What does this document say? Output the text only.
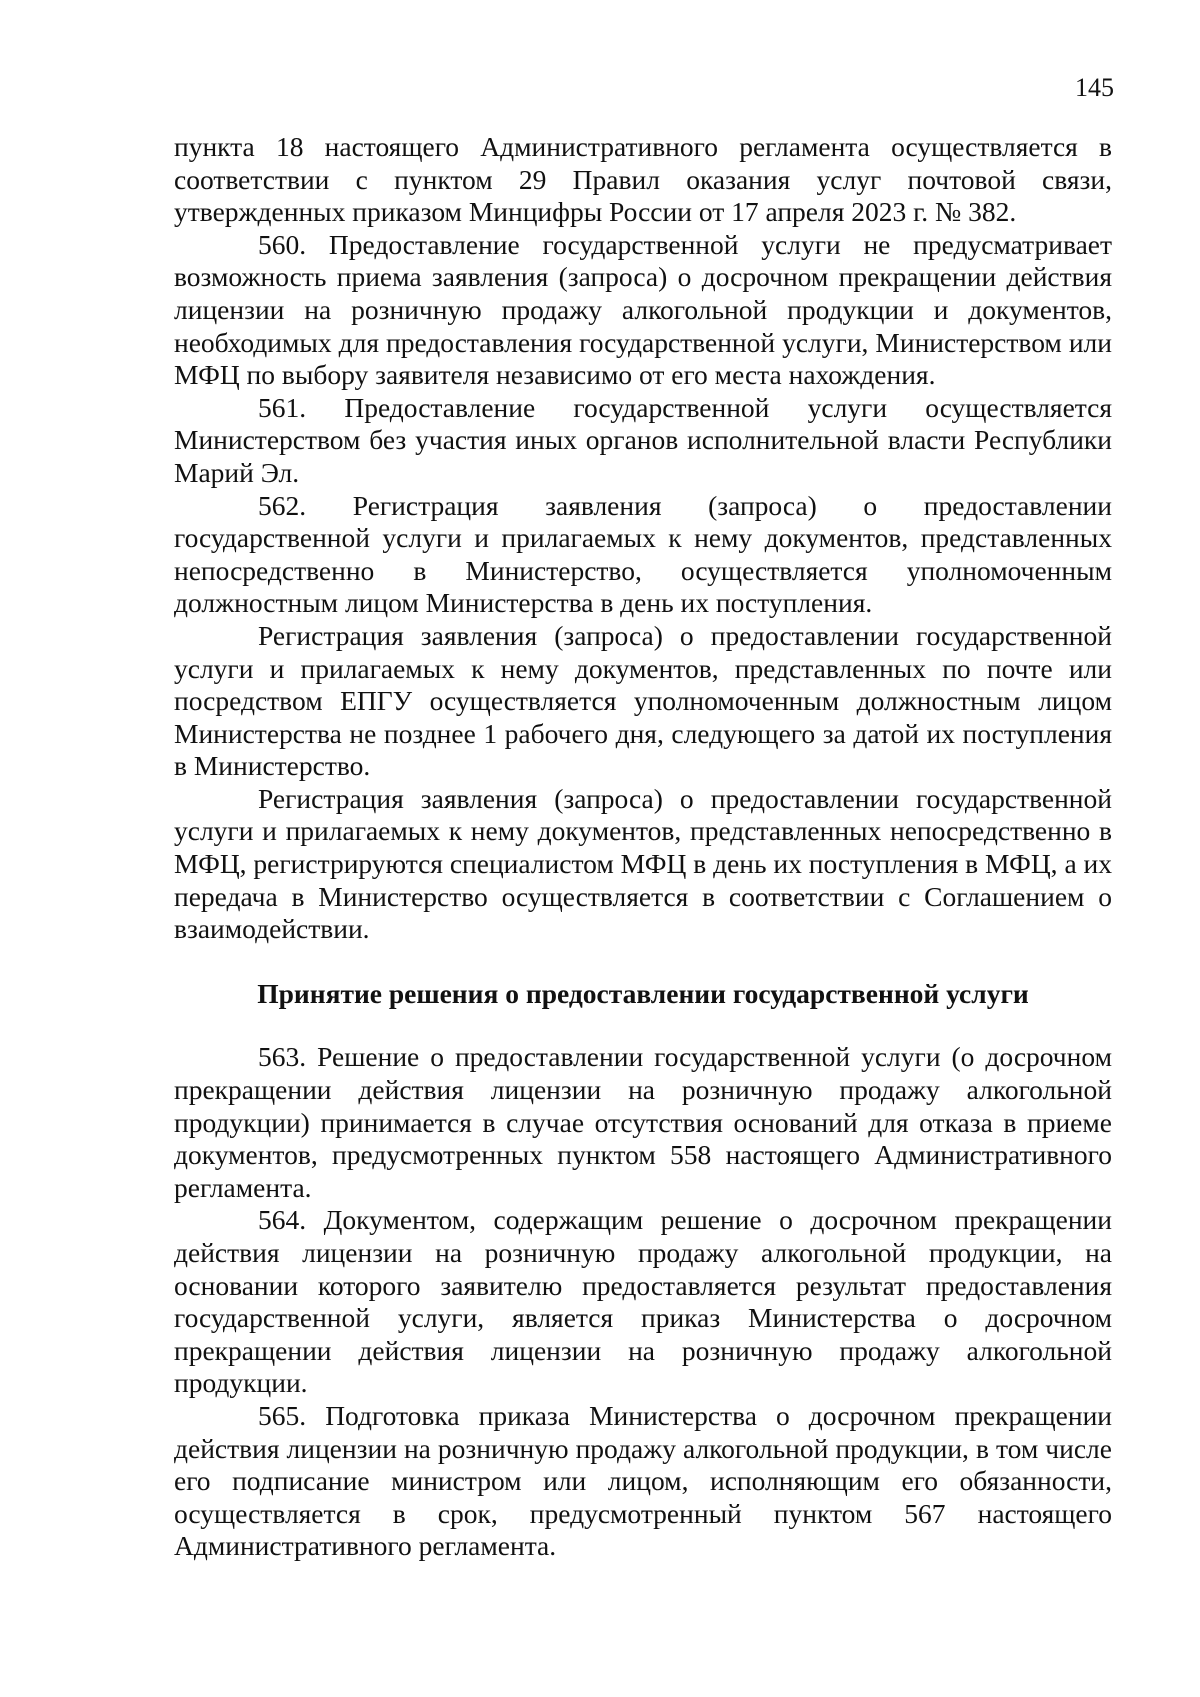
145

пункта 18 настоящего Административного регламента осуществляется в соответствии с пунктом 29 Правил оказания услуг почтовой связи, утвержденных приказом Минцифры России от 17 апреля 2023 г. № 382.

560. Предоставление государственной услуги не предусматривает возможность приема заявления (запроса) о досрочном прекращении действия лицензии на розничную продажу алкогольной продукции и документов, необходимых для предоставления государственной услуги, Министерством или МФЦ по выбору заявителя независимо от его места нахождения.

561. Предоставление государственной услуги осуществляется Министерством без участия иных органов исполнительной власти Республики Марий Эл.

562. Регистрация заявления (запроса) о предоставлении государственной услуги и прилагаемых к нему документов, представленных непосредственно в Министерство, осуществляется уполномоченным должностным лицом Министерства в день их поступления.

Регистрация заявления (запроса) о предоставлении государственной услуги и прилагаемых к нему документов, представленных по почте или посредством ЕПГУ осуществляется уполномоченным должностным лицом Министерства не позднее 1 рабочего дня, следующего за датой их поступления в Министерство.

Регистрация заявления (запроса) о предоставлении государственной услуги и прилагаемых к нему документов, представленных непосредственно в МФЦ, регистрируются специалистом МФЦ в день их поступления в МФЦ, а их передача в Министерство осуществляется в соответствии с Соглашением о взаимодействии.

Принятие решения о предоставлении государственной услуги

563. Решение о предоставлении государственной услуги (о досрочном прекращении действия лицензии на розничную продажу алкогольной продукции) принимается в случае отсутствия оснований для отказа в приеме документов, предусмотренных пунктом 558 настоящего Административного регламента.

564. Документом, содержащим решение о досрочном прекращении действия лицензии на розничную продажу алкогольной продукции, на основании которого заявителю предоставляется результат предоставления государственной услуги, является приказ Министерства о досрочном прекращении действия лицензии на розничную продажу алкогольной продукции.

565. Подготовка приказа Министерства о досрочном прекращении действия лицензии на розничную продажу алкогольной продукции, в том числе его подписание министром или лицом, исполняющим его обязанности, осуществляется в срок, предусмотренный пунктом 567 настоящего Административного регламента.
